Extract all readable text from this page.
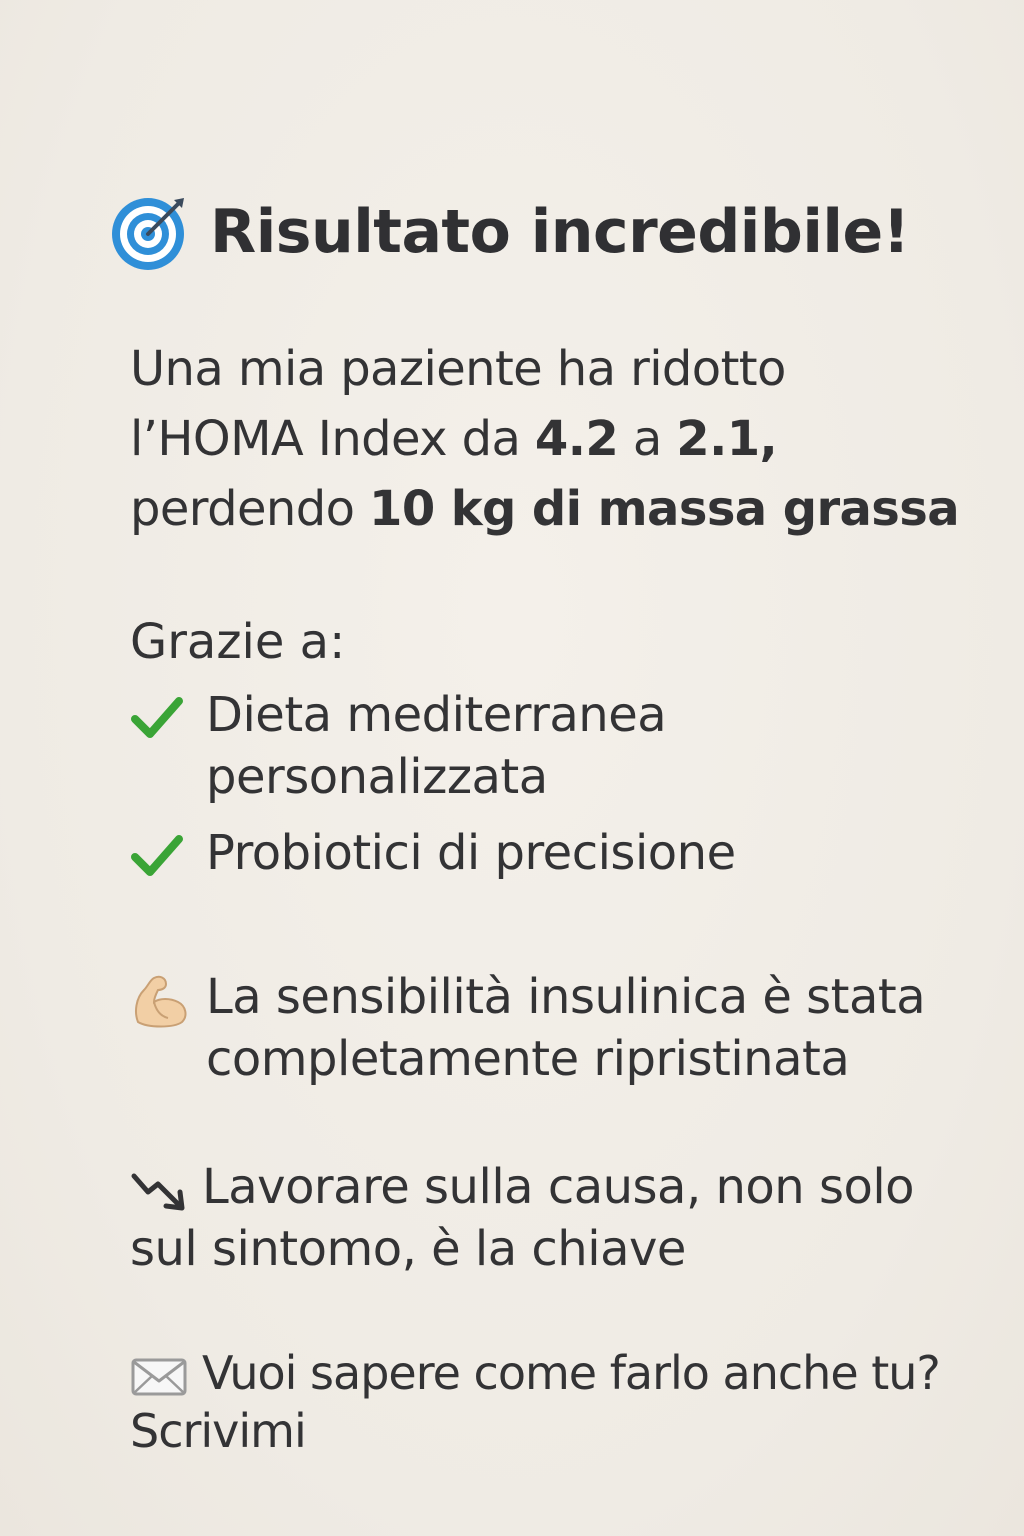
Risultato incredibile!
Una mia paziente ha ridotto
l’HOMA Index da 4.2 a 2.1,
perdendo 10 kg di massa grassa
Grazie a:
Dieta mediterranea
personalizzata
Probiotici di precisione
La sensibilità insulinica è stata
completamente ripristinata
Lavorare sulla causa, non solo
sul sintomo, è la chiave
Vuoi sapere come farlo anche tu?
Scrivimi
